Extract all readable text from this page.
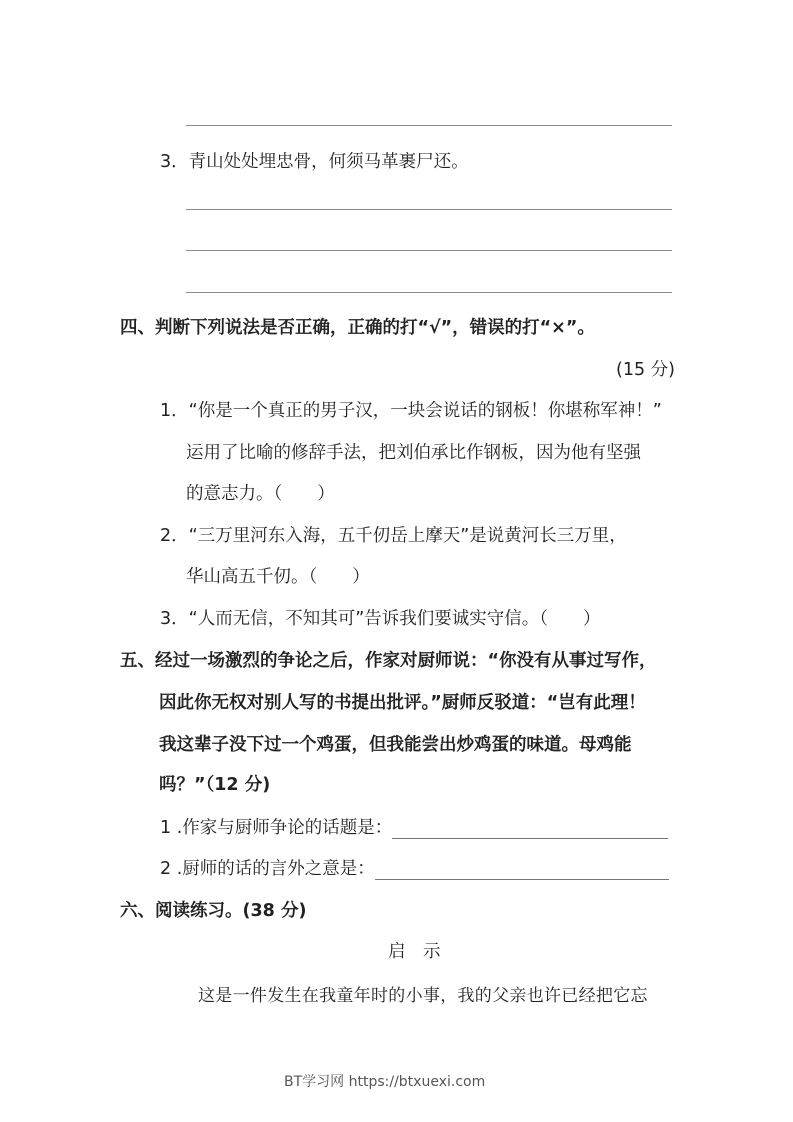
3．青山处处埋忠骨，何须马革裹尸还。
四、判断下列说法是否正确，正确的打“√”，错误的打“×”。
(15 分)
1．“你是一个真正的男子汉，一块会说话的钢板！你堪称军神！”
运用了比喻的修辞手法，把刘伯承比作钢板，因为他有坚强
的意志力。（　　）
2．“三万里河东入海，五千仞岳上摩天”是说黄河长三万里，
华山高五千仞。（　　）
3．“人而无信，不知其可”告诉我们要诚实守信。（　　）
五、经过一场激烈的争论之后，作家对厨师说：“你没有从事过写作，
因此你无权对别人写的书提出批评。”厨师反驳道：“岂有此理！
我这辈子没下过一个鸡蛋，但我能尝出炒鸡蛋的味道。母鸡能
吗？”（12 分)
1 .作家与厨师争论的话题是：
2 .厨师的话的言外之意是：
六、阅读练习。(38 分)
启　示
这是一件发生在我童年时的小事，我的父亲也许已经把它忘
BT学习网 https://btxuexi.com
